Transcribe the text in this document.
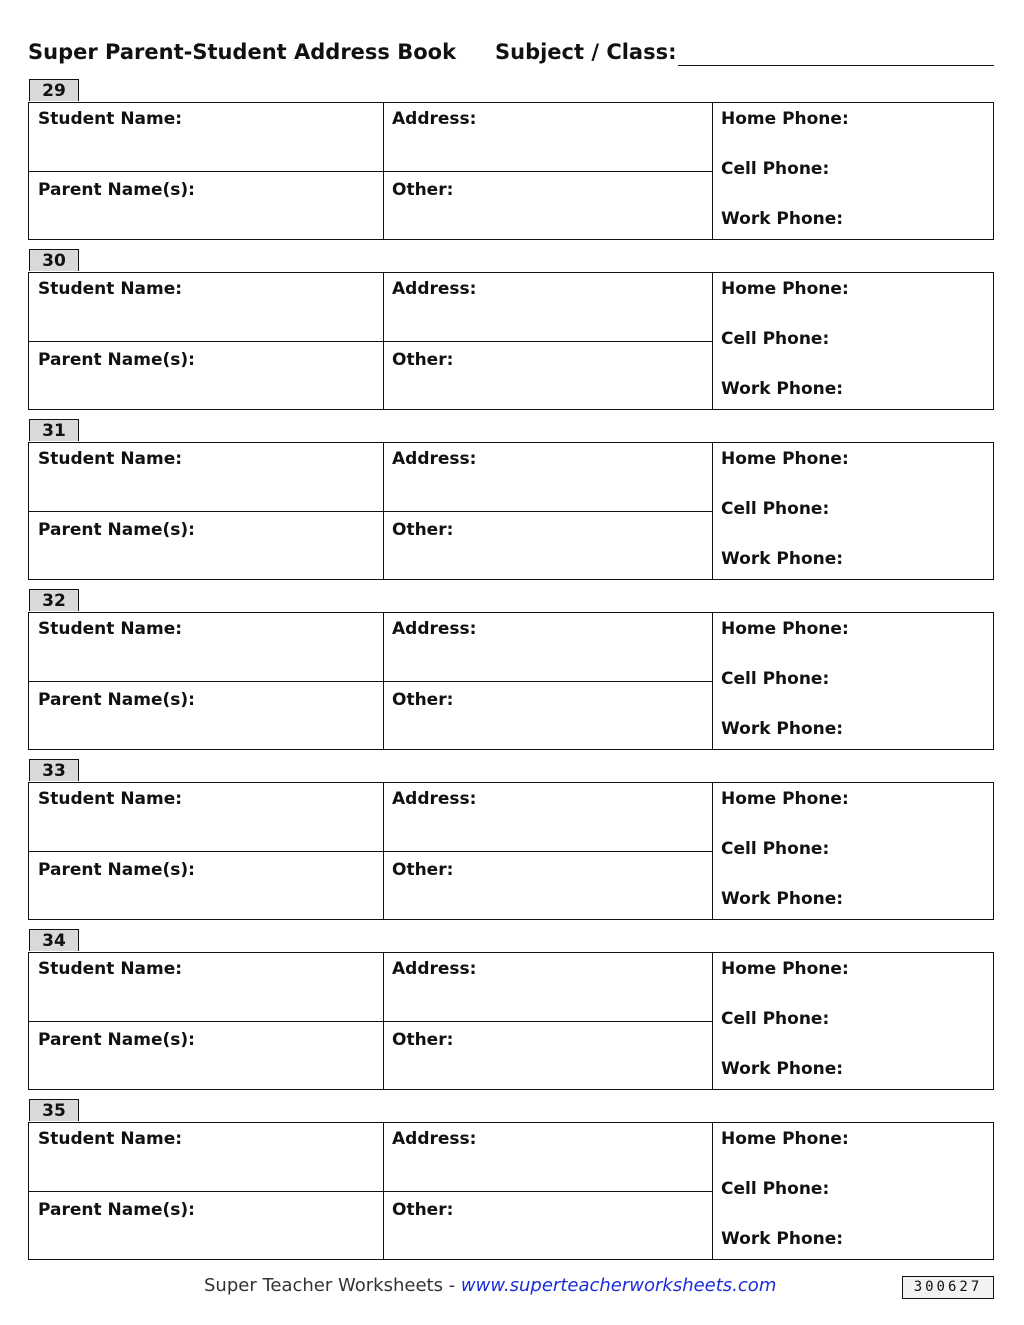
Super Parent-Student Address Book Subject / Class:
29
Student Name:
Parent Name(s):
Address:
Other:
Home Phone:
Cell Phone:
Work Phone:
30
Student Name:
Parent Name(s):
Address:
Other:
Home Phone:
Cell Phone:
Work Phone:
31
Student Name:
Parent Name(s):
Address:
Other:
Home Phone:
Cell Phone:
Work Phone:
32
Student Name:
Parent Name(s):
Address:
Other:
Home Phone:
Cell Phone:
Work Phone:
33
Student Name:
Parent Name(s):
Address:
Other:
Home Phone:
Cell Phone:
Work Phone:
34
Student Name:
Parent Name(s):
Address:
Other:
Home Phone:
Cell Phone:
Work Phone:
35
Student Name:
Parent Name(s):
Address:
Other:
Home Phone:
Cell Phone:
Work Phone:
Super Teacher Worksheets - www.superteacherworksheets.com	300627
